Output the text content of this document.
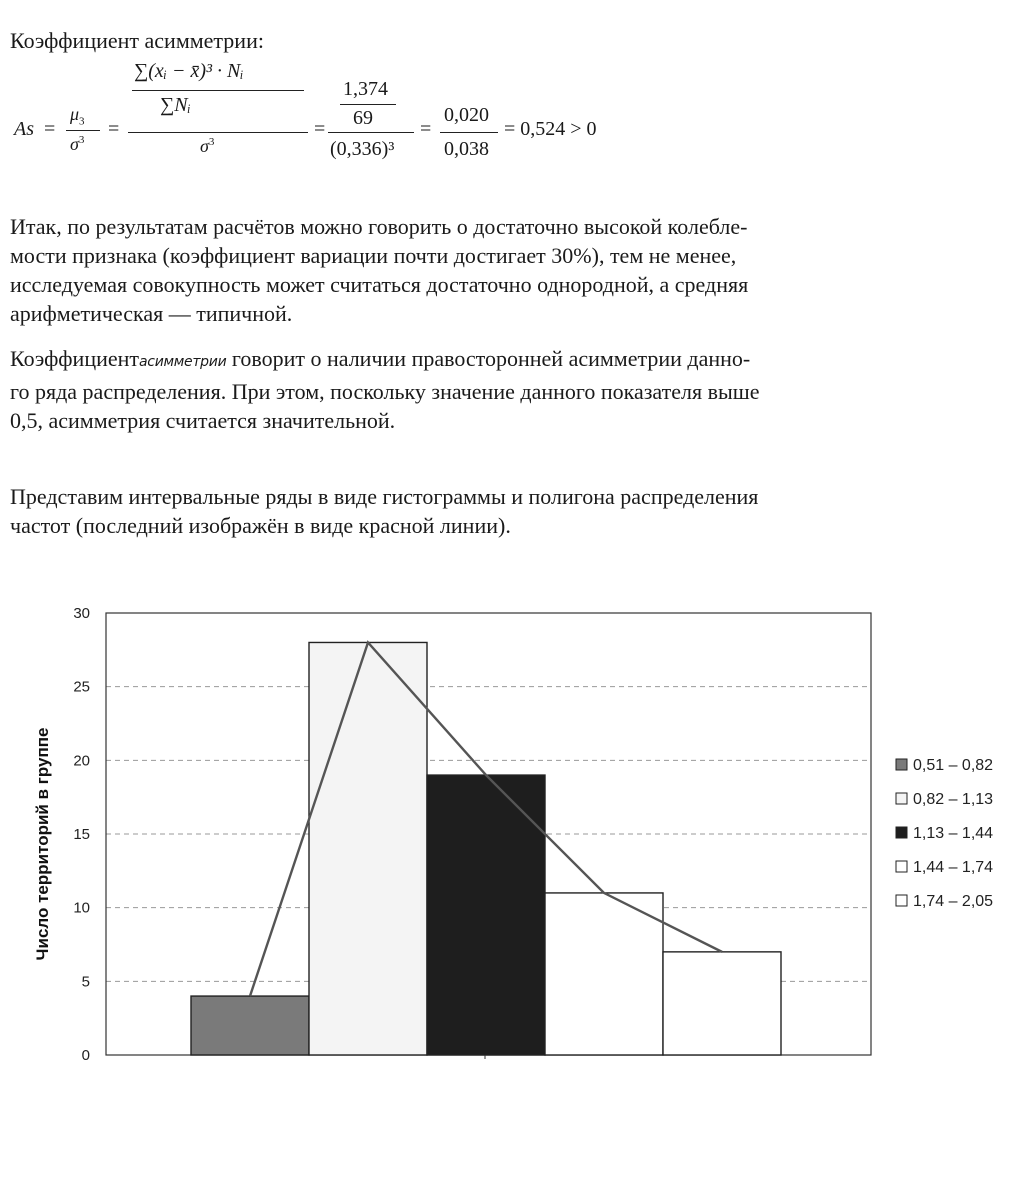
Коэффициент асимметрии:
As =
$\mu_3$
$\sigma^3$ =
∑(xᵢ − x̄)³ · Nᵢ
∑Nᵢ
$\sigma^3$
=
1,374
69
(0,336)³
=
0,020
0,038
= 0,524 > 0
Итак, по результатам расчётов можно говорить о достаточно высокой колебле-
мости признака (коэффициент вариации почти достигает 30%), тем не менее,
исследуемая совокупность может считаться достаточно однородной, а средняя
арифметическая — типичной.
Коэффициентасимметрии говорит о наличии правосторонней асимметрии данно-
го ряда распределения. При этом, поскольку значение данного показателя выше
0,5, асимметрия считается значительной.
Представим интервальные ряды в виде гистограммы и полигона распределения
частот (последний изображён в виде красной линии).
0
5
10
15
20
25
30
Число территорий в группе	0,51 – 0,82
0,82 – 1,13
1,13 – 1,44
1,44 – 1,74
1,74 – 2,05
